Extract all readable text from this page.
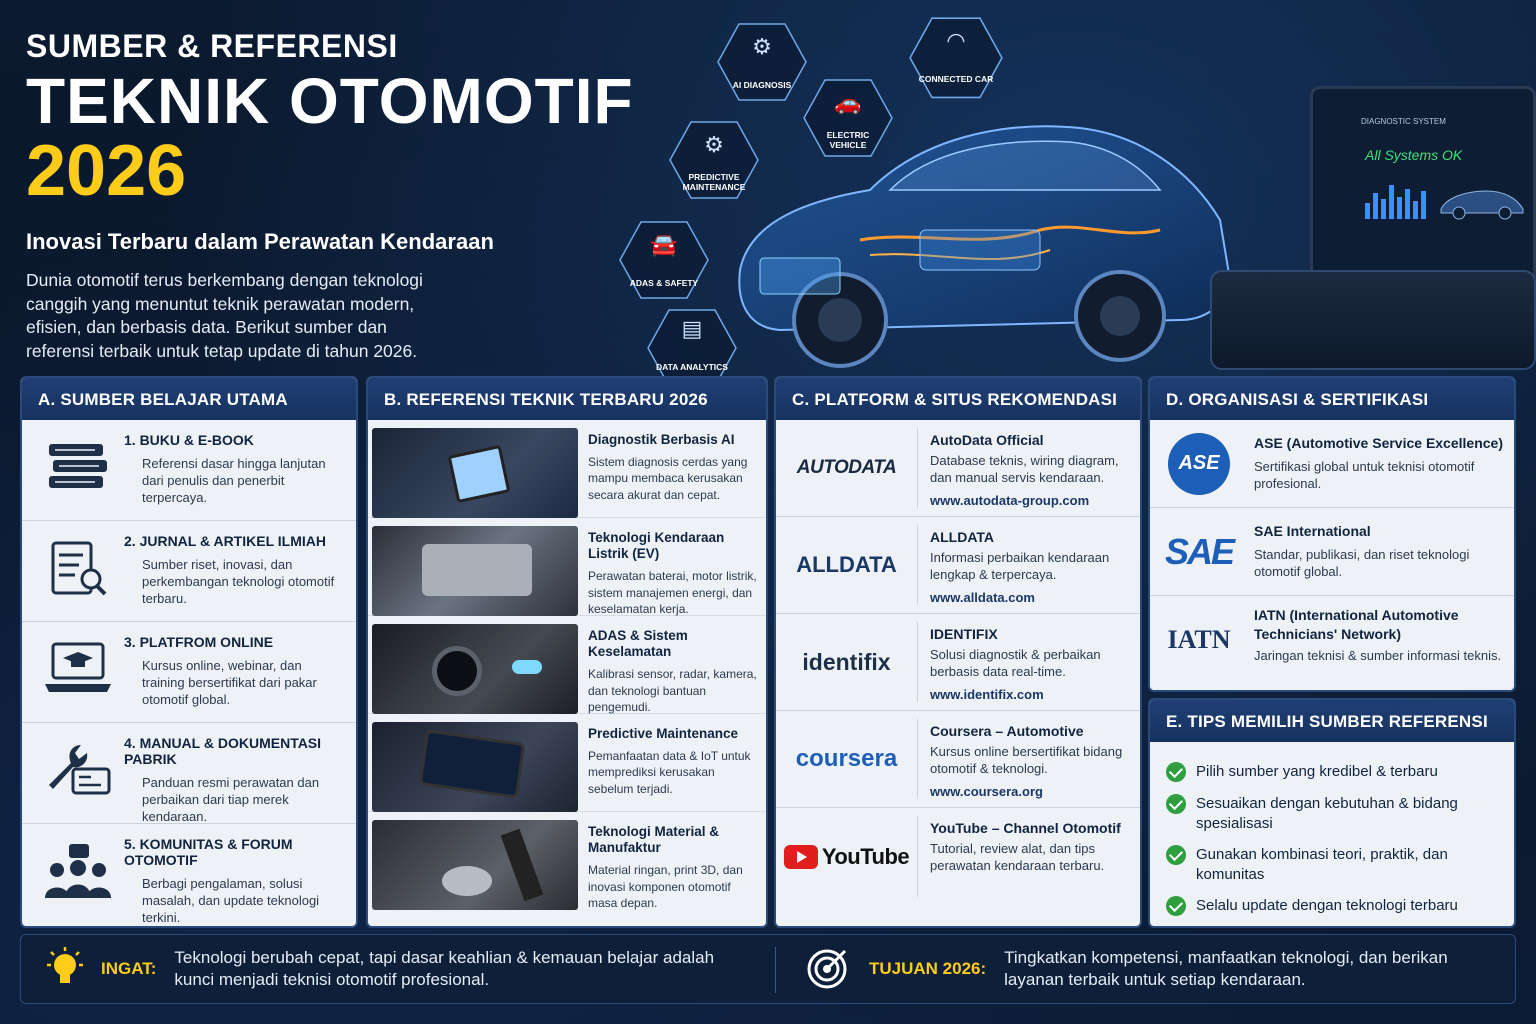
SUMBER & REFERENSI
TEKNIK OTOMOTIF
2026
Inovasi Terbaru dalam Perawatan Kendaraan
Dunia otomotif terus berkembang dengan teknologi canggih yang menuntut teknik perawatan modern, efisien, dan berbasis data. Berikut sumber dan referensi terbaik untuk tetap update di tahun 2026.
⚙
AI DIAGNOSIS
◠
CONNECTED CAR
🚗
ELECTRIC VEHICLE
⚙
PREDICTIVE MAINTENANCE
🚘
ADAS & SAFETY
▤
DATA ANALYTICS
DIAGNOSTIC SYSTEM
All Systems OK
A. SUMBER BELAJAR UTAMA
1. BUKU & E-BOOK
Referensi dasar hingga lanjutan dari penulis dan penerbit terpercaya.
2. JURNAL & ARTIKEL ILMIAH
Sumber riset, inovasi, dan perkembangan teknologi otomotif terbaru.
3. PLATFROM ONLINE
Kursus online, webinar, dan training bersertifikat dari pakar otomotif global.
4. MANUAL & DOKUMENTASI PABRIK
Panduan resmi perawatan dan perbaikan dari tiap merek kendaraan.
5. KOMUNITAS & FORUM OTOMOTIF
Berbagi pengalaman, solusi masalah, dan update teknologi terkini.
B. REFERENSI TEKNIK TERBARU 2026
Diagnostik Berbasis AI
Sistem diagnosis cerdas yang mampu membaca kerusakan secara akurat dan cepat.
Teknologi Kendaraan Listrik (EV)
Perawatan baterai, motor listrik, sistem manajemen energi, dan keselamatan kerja.
ADAS & Sistem Keselamatan
Kalibrasi sensor, radar, kamera, dan teknologi bantuan pengemudi.
Predictive Maintenance
Pemanfaatan data & IoT untuk memprediksi kerusakan sebelum terjadi.
Teknologi Material & Manufaktur
Material ringan, print 3D, dan inovasi komponen otomotif masa depan.
C. PLATFORM & SITUS REKOMENDASI
AUTODATA
AutoData Official
Database teknis, wiring diagram, dan manual servis kendaraan.
www.autodata-group.com
ALLDATA
ALLDATA
Informasi perbaikan kendaraan lengkap & terpercaya.
www.alldata.com
identifix
IDENTIFIX
Solusi diagnostik & perbaikan berbasis data real-time.
www.identifix.com
coursera
Coursera – Automotive
Kursus online bersertifikat bidang otomotif & teknologi.
www.coursera.org
YouTube
YouTube – Channel Otomotif
Tutorial, review alat, dan tips perawatan kendaraan terbaru.
D. ORGANISASI & SERTIFIKASI
ASE
ASE (Automotive Service Excellence)
Sertifikasi global untuk teknisi otomotif profesional.
SAE SAE International
Standar, publikasi, dan riset teknologi otomotif global.
IATN
IATN (International Automotive Technicians' Network)
Jaringan teknisi & sumber informasi teknis.
E. TIPS MEMILIH SUMBER REFERENSI
Pilih sumber yang kredibel & terbaru
Sesuaikan dengan kebutuhan & bidang spesialisasi
Gunakan kombinasi teori, praktik, dan komunitas
Selalu update dengan teknologi terbaru
INGAT:
Teknologi berubah cepat, tapi dasar keahlian & kemauan belajar adalah kunci menjadi teknisi otomotif profesional.
TUJUAN 2026:
Tingkatkan kompetensi, manfaatkan teknologi, dan berikan layanan terbaik untuk setiap kendaraan.
